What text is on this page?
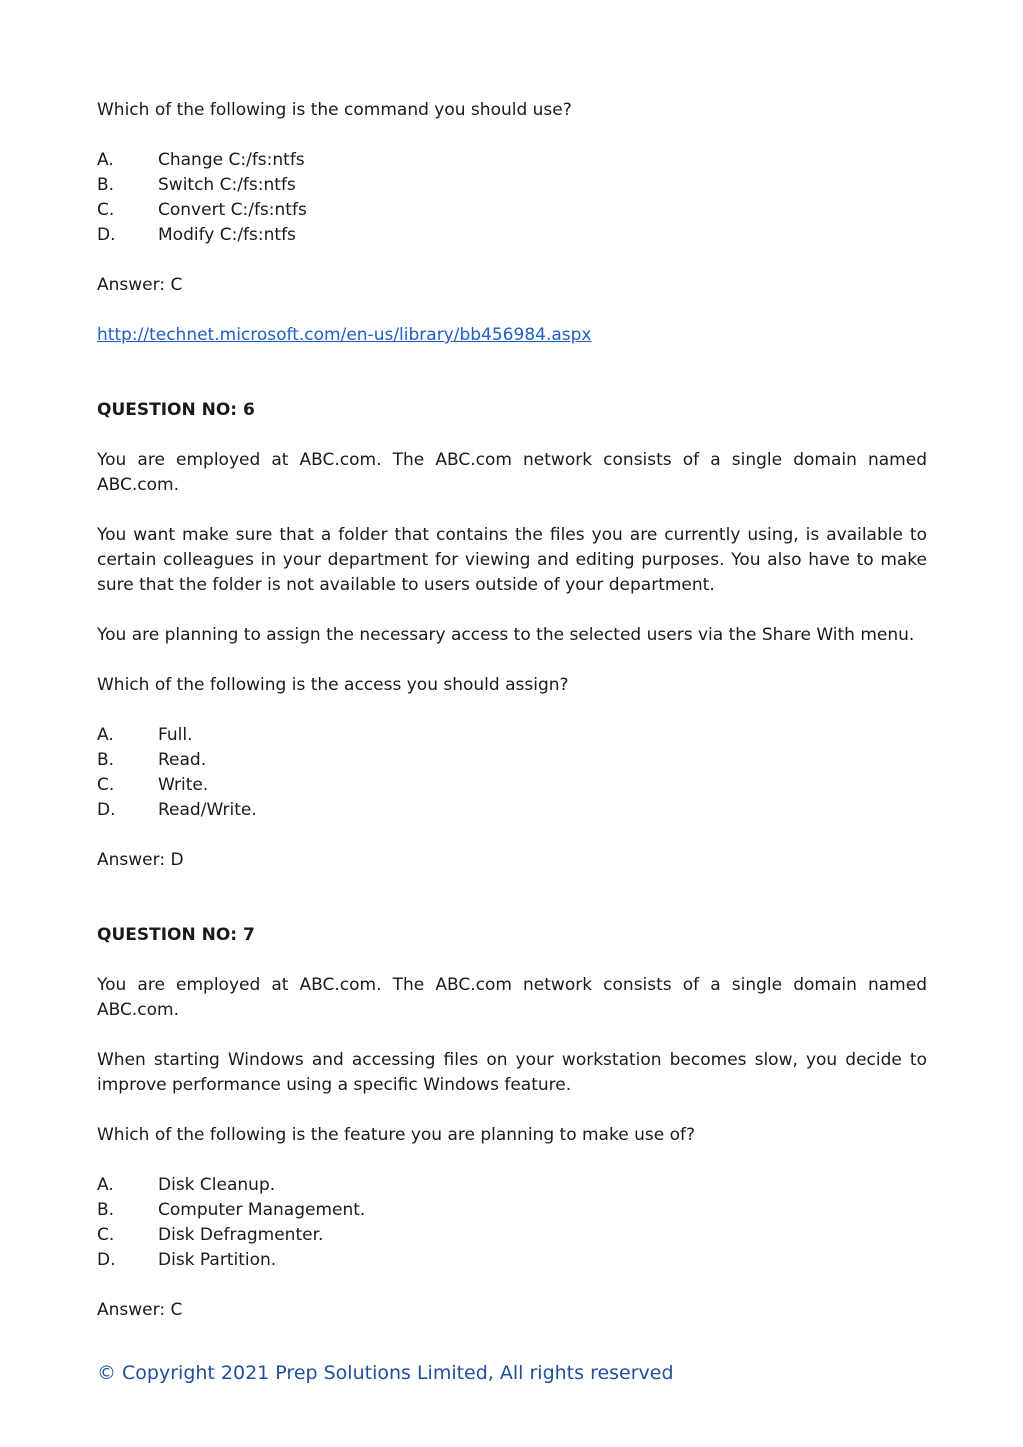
Which of the following is the command you should use?

A.	Change C:/fs:ntfs
B.	Switch C:/fs:ntfs
C.	Convert C:/fs:ntfs
D.	Modify C:/fs:ntfs

Answer: C

http://technet.microsoft.com/en-us/library/bb456984.aspx

QUESTION NO: 6

You are employed at ABC.com. The ABC.com network consists of a single domain named ABC.com.

You want make sure that a folder that contains the files you are currently using, is available to certain colleagues in your department for viewing and editing purposes. You also have to make sure that the folder is not available to users outside of your department.

You are planning to assign the necessary access to the selected users via the Share With menu.

Which of the following is the access you should assign?

A.	Full.
B.	Read.
C.	Write.
D.	Read/Write.

Answer: D

QUESTION NO: 7

You are employed at ABC.com. The ABC.com network consists of a single domain named ABC.com.

When starting Windows and accessing files on your workstation becomes slow, you decide to improve performance using a specific Windows feature.

Which of the following is the feature you are planning to make use of?

A.	Disk Cleanup.
B.	Computer Management.
C.	Disk Defragmenter.
D.	Disk Partition.

Answer: C

© Copyright 2021 Prep Solutions Limited, All rights reserved
